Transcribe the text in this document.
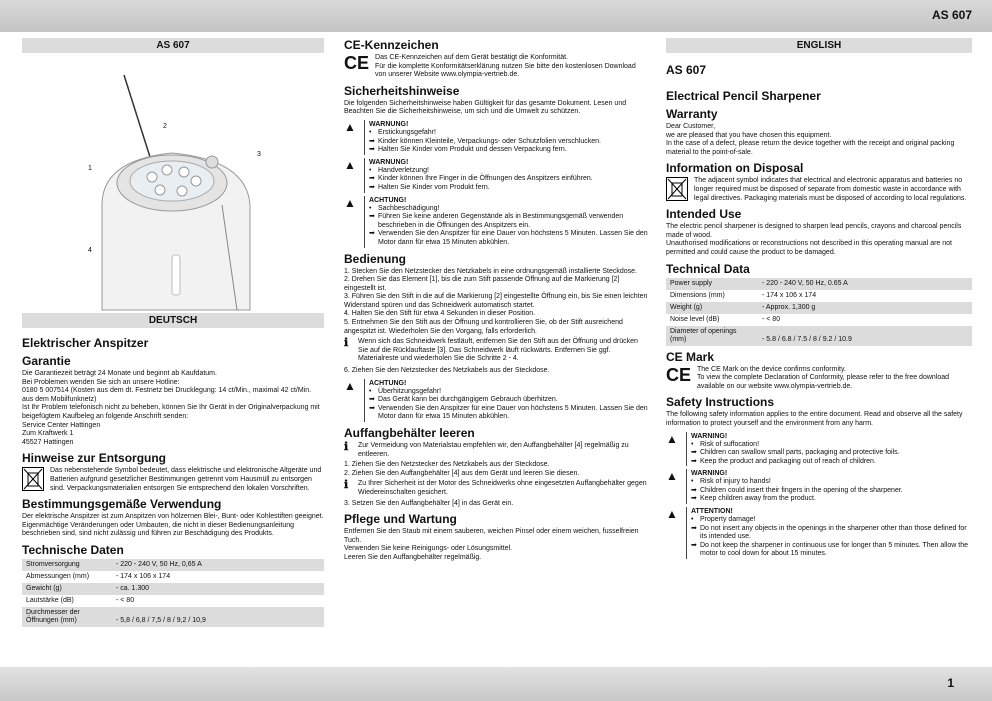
AS 607
AS 607
2
1
3
4
DEUTSCH
Elektrischer Anspitzer
Garantie

Die Garantiezeit beträgt 24 Monate und beginnt ab Kaufdatum.

Bei Problemen wenden Sie sich an unsere Hotline:

0180 5 007514 (Kosten aus dem dt. Festnetz bei Drucklegung: 14 ct/Min., maximal 42 ct/Min. aus dem Mobilfunknetz)

Ist Ihr Problem telefonisch nicht zu beheben, können Sie Ihr Gerät in der Originalverpackung mit beigefügtem Kaufbeleg an folgende Anschrift senden:

Service Center Hattingen

Zum Kraftwerk 1

45527 Hattingen

Hinweise zur Entsorgung

Das nebenstehende Symbol bedeutet, dass elektrische und elektronische Altgeräte und Batterien aufgrund gesetzlicher Bestimmungen getrennt vom Hausmüll zu entsorgen sind. Verpackungsmaterialien entsorgen Sie entsprechend den lokalen Vorschriften.

Bestimmungsgemäße Verwendung

Der elektrische Anspitzer ist zum Anspitzen von hölzernen Blei-, Bunt- oder Kohlestiften geeignet.

Eigenmächtige Veränderungen oder Umbauten, die nicht in dieser Bedienungsanleitung beschrieben sind, sind nicht zulässig und führen zur Beschädigung des Produkts.

Technische Daten
Stromversorgung	- 220 - 240 V, 50 Hz, 0,65 A
Abmessungen (mm)	- 174 x 106 x 174
Gewicht (g)	- ca. 1.300
Lautstärke (dB)	- < 80
Durchmesser der Öffnungen (mm)	- 5,8 / 6,8 / 7,5 / 8 / 9,2 / 10,9
CE-Kennzeichen
CE Das CE-Kennzeichen auf dem Gerät bestätigt die Konformität.

Für die komplette Konformitätserklärung nutzen Sie bitte den kostenlosen Download von unserer Website www.olympia-vertrieb.de.

Sicherheitshinweise

Die folgenden Sicherheitshinweise haben Gültigkeit für das gesamte Dokument. Lesen und Beachten Sie die Sicherheitshinweise, um sich und die Umwelt zu schützen.

▲	WARNUNG!
• Erstickungsgefahr!
➡ Kinder können Kleinteile, Verpackungs- oder Schutzfolien verschlucken.
➡ Halten Sie Kinder vom Produkt und dessen Verpackung fern.
▲	WARNUNG!
• Handverletzung!
➡ Kinder können Ihre Finger in die Öffnungen des Anspitzers einführen.
➡ Halten Sie Kinder vom Produkt fern.
▲	ACHTUNG!
• Sachbeschädigung!
➡ Führen Sie keine anderen Gegenstände als in Bestimmungsgemäß verwenden beschrieben in die Öffnungen des Anspitzers ein.
➡ Verwenden Sie den Anspitzer für eine Dauer von höchstens 5 Minuten. Lassen Sie den Motor dann für etwa 15 Minuten abkühlen.
Bedienung
1. Stecken Sie den Netzstecker des Netzkabels in eine ordnungsgemäß installierte Steckdose.
2. Drehen Sie das Element [1], bis die zum Stift passende Öffnung auf die Markierung [2] eingestellt ist.
3. Führen Sie den Stift in die auf die Markierung [2] eingestellte Öffnung ein, bis Sie einen leichten Widerstand spüren und das Schneidwerk automatisch startet.
4. Halten Sie den Stift für etwa 4 Sekunden in dieser Position.
5. Entnehmen Sie den Stift aus der Öffnung und kontrollieren Sie, ob der Stift ausreichend angespitzt ist. Wiederholen Sie den Vorgang, falls erforderlich.
ℹ	Wenn sich das Schneidwerk festläuft, entfernen Sie den Stift aus der Öffnung und drücken Sie auf die Rücklauftaste [3]. Das Schneidwerk läuft rückwärts. Entfernen Sie ggf. Materialreste und wiederholen Sie die Schritte 2 - 4.

6. Ziehen Sie den Netzstecker des Netzkabels aus der Steckdose.

▲	ACHTUNG!
• Überhitzungsgefahr!
➡ Das Gerät kann bei durchgängigem Gebrauch überhitzen.
➡ Verwenden Sie den Anspitzer für eine Dauer von höchstens 5 Minuten. Lassen Sie den Motor dann für etwa 15 Minuten abkühlen.
Auffangbehälter leeren
ℹ	Zur Vermeidung von Materialstau empfehlen wir, den Auffangbehälter [4] regelmäßig zu entleeren.

1. Ziehen Sie den Netzstecker des Netzkabels aus der Steckdose.

2. Ziehen Sie den Auffangbehälter [4] aus dem Gerät und leeren Sie diesen.

ℹ	Zu Ihrer Sicherheit ist der Motor des Schneidwerks ohne eingesetzten Auffangbehälter gegen Wiedereinschalten gesichert.

3. Setzen Sie den Auffangbehälter [4] in das Gerät ein.

Pflege und Wartung

Entfernen Sie den Staub mit einem sauberen, weichen Pinsel oder einem weichen, fusselfreien Tuch.

Verwenden Sie keine Reinigungs- oder Lösungsmittel.

Leeren Sie den Auffangbehälter regelmäßig.

ENGLISH
AS 607
Electrical Pencil Sharpener
Warranty

Dear Customer,

we are pleased that you have chosen this equipment.

In the case of a defect, please return the device together with the receipt and original packing material to the point-of-sale.

Information on Disposal

The adjacent symbol indicates that electrical and electronic apparatus and batteries no longer required must be disposed of separate from domestic waste in accordance with legal directives. Packaging materials must be disposed of according to local regulations.

Intended Use

The electric pencil sharpener is designed to sharpen lead pencils, crayons and charcoal pencils made of wood.

Unauthorised modifications or reconstructions not described in this operating manual are not permitted and could cause the product to be damaged.

Technical Data
Power supply	- 220 - 240 V, 50 Hz, 0.65 A
Dimensions (mm)	- 174 x 106 x 174
Weight (g)	- Approx. 1,300 g
Noise level (dB)	- < 80
Diameter of openings (mm)	- 5.8 / 6.8 / 7.5 / 8 / 9.2 / 10.9
CE Mark
CE The CE Mark on the device confirms conformity.

To view the complete Declaration of Conformity, please refer to the free download available on our website www.olympia-vertrieb.de.

Safety Instructions

The following safety information applies to the entire document. Read and observe all the safety information to protect yourself and the environment from any harm.

▲	WARNING!
• Risk of suffocation!
➡ Children can swallow small parts, packaging and protective foils.
➡ Keep the product and packaging out of reach of children.
▲	WARNING!
• Risk of injury to hands!
➡ Children could insert their fingers in the opening of the sharpener.
➡ Keep children away from the product.
▲	ATTENTION!
• Property damage!
➡ Do not insert any objects in the openings in the sharpener other than those defined for its intended use.
➡ Do not keep the sharpener in continuous use for longer than 5 minutes. Then allow the motor to cool down for about 15 minutes.
1
